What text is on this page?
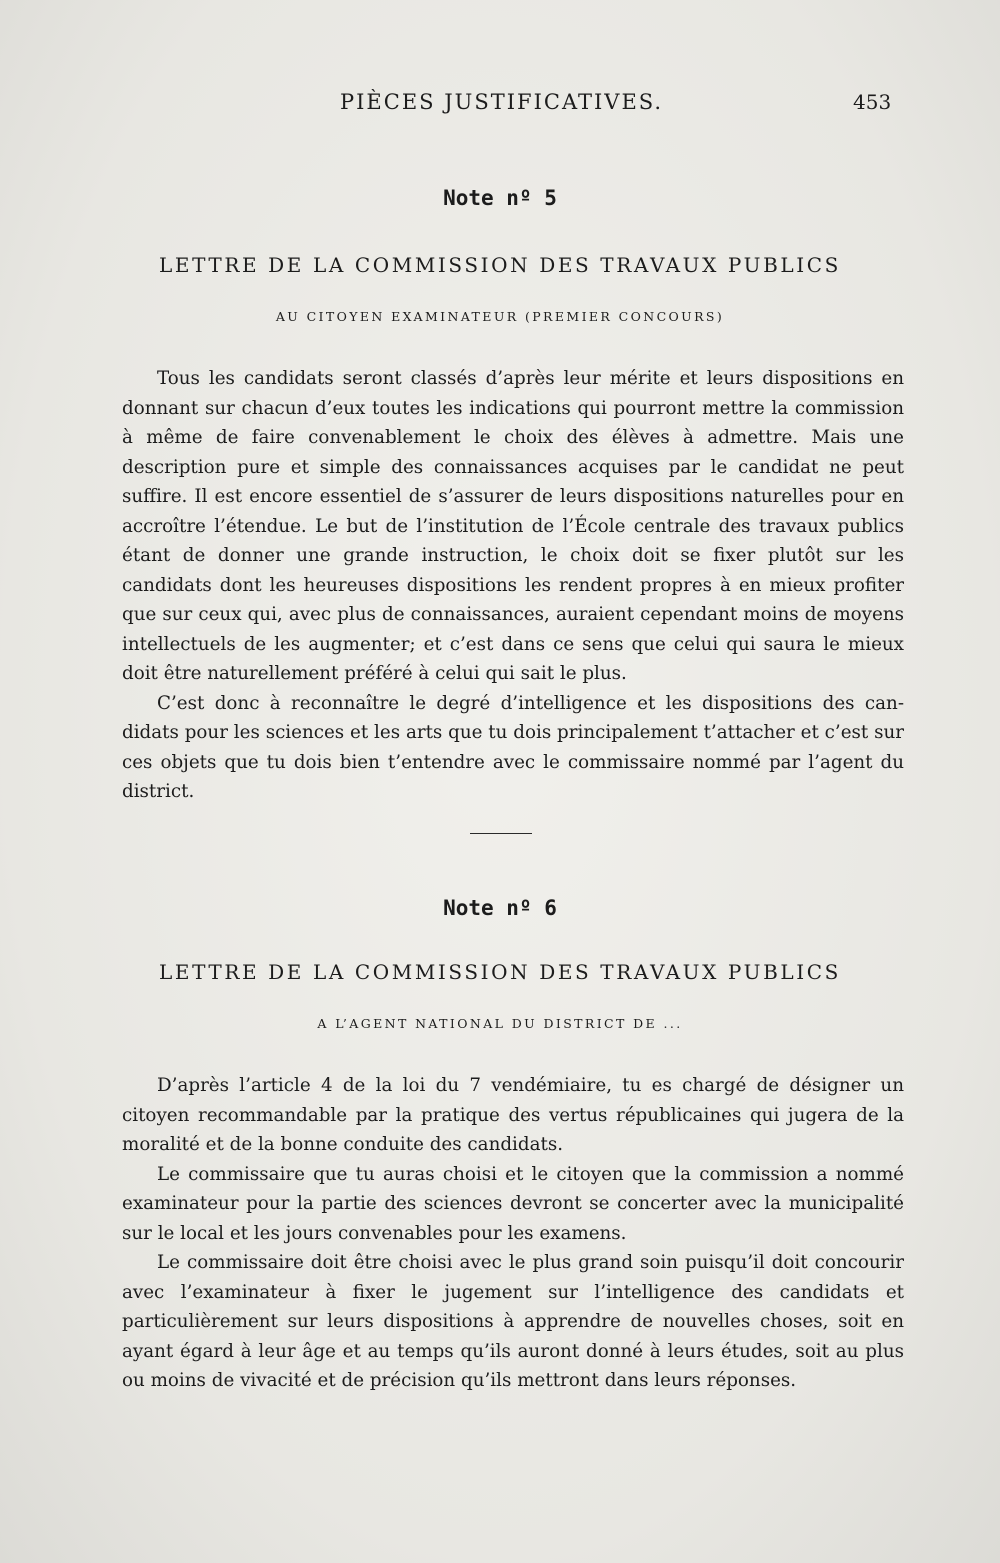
PIÈCES JUSTIFICATIVES.	453
Note nº 5
LETTRE DE LA COMMISSION DES TRAVAUX PUBLICS
AU CITOYEN EXAMINATEUR (PREMIER CONCOURS)

Tous les candidats seront classés d’après leur mérite et leurs dispositions en donnant sur chacun d’eux toutes les indications qui pourront mettre la commission à même de faire convenablement le choix des élèves à admettre. Mais une description pure et simple des connaissances acquises par le candidat ne peut suffire. Il est encore essentiel de s’assurer de leurs dispositions naturelles pour en accroître l’étendue. Le but de l’institution de l’École centrale des travaux publics étant de donner une grande instruction, le choix doit se fixer plutôt sur les candidats dont les heureuses dispositions les rendent propres à en mieux profiter que sur ceux qui, avec plus de connaissances, auraient cependant moins de moyens intellectuels de les augmenter; et c’est dans ce sens que celui qui saura le mieux doit être naturellement préféré à celui qui sait le plus.

C’est donc à reconnaître le degré d’intelligence et les dispositions des candidats pour les sciences et les arts que tu dois principalement t’attacher et c’est sur ces objets que tu dois bien t’entendre avec le commissaire nommé par l’agent du district.

Note nº 6
LETTRE DE LA COMMISSION DES TRAVAUX PUBLICS
A L’AGENT NATIONAL DU DISTRICT DE ...

D’après l’article 4 de la loi du 7 vendémiaire, tu es chargé de désigner un citoyen recommandable par la pratique des vertus républicaines qui jugera de la moralité et de la bonne conduite des candidats.

Le commissaire que tu auras choisi et le citoyen que la commission a nommé examinateur pour la partie des sciences devront se concerter avec la municipalité sur le local et les jours convenables pour les examens.

Le commissaire doit être choisi avec le plus grand soin puisqu’il doit concourir avec l’examinateur à fixer le jugement sur l’intelligence des candidats et particulièrement sur leurs dispositions à apprendre de nouvelles choses, soit en ayant égard à leur âge et au temps qu’ils auront donné à leurs études, soit au plus ou moins de vivacité et de précision qu’ils mettront dans leurs réponses.
